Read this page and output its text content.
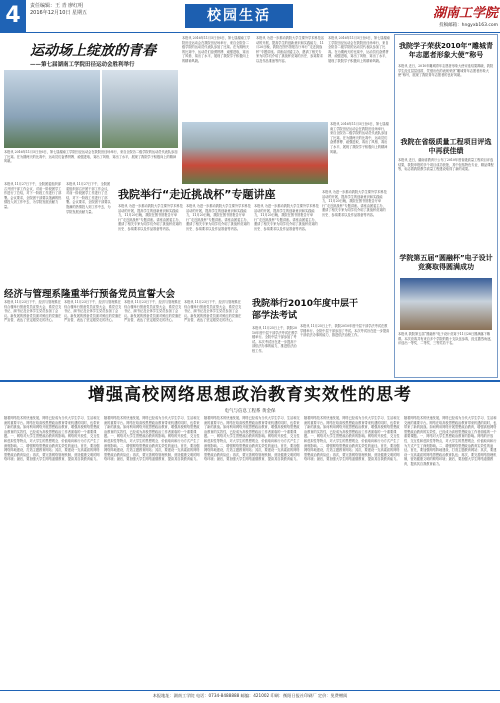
4	责任编辑：王 青 廖红明
2016年12月10日 星期五	校园生活	湖南工学院
投稿邮箱：hngyxb163.com
运动场上绽放的青春
——第七届湖南工学院田径运动会胜利举行
本报讯 2016年11月5日至6日，第七届湖南工学院田径运动会在我院田径场举行，来自全院各二级学院的运动员代表队参加了比赛。在为期两天的比赛中，运动员们奋勇拼搏、顽强进取，赛出了风格、赛出了水平，展现了我院学子积极向上的精神风貌。
本报讯 2016年11月5日至6日，第七届湖南工学院田径运动会在我院田径场举行，来自全院各二级学院的运动员代表队参加了比赛。在为期两天的比赛中，运动员们奋勇拼搏、顽强进取，赛出了风格、赛出了水平，展现了我院学子积极向上的精神风貌。
本报讯 为进一步推动我院大学生课外学术科技活动的开展，提高学生的创新意识和实践能力，11月20日晚，我院在图书馆报告厅举行“走近挑战杯”专题讲座。讲座由团委主办，邀请了相关专家为同学们介绍了挑战杯竞赛的历史、参赛要求以及作品准备等内容。
本报讯 2016年11月5日至6日，第七届湖南工学院田径运动会在我院田径场举行，来自全院各二级学院的运动员代表队参加了比赛。在为期两天的比赛中，运动员们奋勇拼搏、顽强进取，赛出了风格、赛出了水平，展现了我院学子积极向上的精神风貌。
本报讯 2016年11月5日至6日，第七届湖南工学院田径运动会在我院田径场举行，来自全院各二级学院的运动员代表队参加了比赛。在为期两天的比赛中，运动员们奋勇拼搏、顽强进取，赛出了风格、赛出了水平，展现了我院学子积极向上的精神风貌。
本报讯 11月27日下午，全院团委组织部召开团干部工作会议，对前一阶段团学工作进行了总结，对下一阶段工作进行了部署。会议要求，全院团干部要以饱满的热情投入到工作中去，为学院发展贡献力量。
本报讯 11月27日下午，全院团委组织部召开团干部工作会议，对前一阶段团学工作进行了总结，对下一阶段工作进行了部署。会议要求，全院团干部要以饱满的热情投入到工作中去，为学院发展贡献力量。
我院举行“走近挑战杯”专题讲座
本报讯 为进一步推动我院大学生课外学术科技活动的开展，提高学生的创新意识和实践能力，11月20日晚，我院在图书馆报告厅举行“走近挑战杯”专题讲座。讲座由团委主办，邀请了相关专家为同学们介绍了挑战杯竞赛的历史、参赛要求以及作品准备等内容。
本报讯 为进一步推动我院大学生课外学术科技活动的开展，提高学生的创新意识和实践能力，11月20日晚，我院在图书馆报告厅举行“走近挑战杯”专题讲座。讲座由团委主办，邀请了相关专家为同学们介绍了挑战杯竞赛的历史、参赛要求以及作品准备等内容。
本报讯 为进一步推动我院大学生课外学术科技活动的开展，提高学生的创新意识和实践能力，11月20日晚，我院在图书馆报告厅举行“走近挑战杯”专题讲座。讲座由团委主办，邀请了相关专家为同学们介绍了挑战杯竞赛的历史、参赛要求以及作品准备等内容。
本报讯 为进一步推动我院大学生课外学术科技活动的开展，提高学生的创新意识和实践能力，11月20日晚，我院在图书馆报告厅举行“走近挑战杯”专题讲座。讲座由团委主办，邀请了相关专家为同学们介绍了挑战杯竞赛的历史、参赛要求以及作品准备等内容。
经济与管理系隆重举行预备党员宣誓大会
本报讯 11月23日下午，经济与管理系在综合楼举行预备党员宣誓大会，系党总支书记、副书记及全体学生党员参加了会议。新发展的预备党员面对鲜红的党旗庄严宣誓，表达了坚定跟党走的决心。
本报讯 11月23日下午，经济与管理系在综合楼举行预备党员宣誓大会，系党总支书记、副书记及全体学生党员参加了会议。新发展的预备党员面对鲜红的党旗庄严宣誓，表达了坚定跟党走的决心。
本报讯 11月23日下午，经济与管理系在综合楼举行预备党员宣誓大会，系党总支书记、副书记及全体学生党员参加了会议。新发展的预备党员面对鲜红的党旗庄严宣誓，表达了坚定跟党走的决心。
本报讯 11月23日下午，经济与管理系在综合楼举行预备党员宣誓大会，系党总支书记、副书记及全体学生党员参加了会议。新发展的预备党员面对鲜红的党旗庄严宣誓，表达了坚定跟党走的决心。
我院举行2010年度中层干部学法考试
本报讯 11月25日上午，我院2010年度中层干部学法考试在教学楼举行。全院中层干部参加了考试。本次考试旨在进一步提高干部依法办事的能力，推进依法治校工作。
本报讯 11月25日上午，我院2010年度中层干部学法考试在教学楼举行。全院中层干部参加了考试。本次考试旨在进一步提高干部依法办事的能力，推进依法治校工作。
我院学子荣获2010年“雕城青年志愿者形象大使”称号
本报讯 近日，2010年雕城青年志愿者形象大使评选结果揭晓，我院学生经过层层选拔，凭借出色的表现荣获“雕城青年志愿者形象大使”称号，展现了我院青年志愿者的良好风貌。
我院在省级质量工程项目评选中再获佳绩
本报讯 近日，湖南省教育厅公布了2010年度省级质量工程项目评选结果，我院申报的多个项目成功获批，其中包括特色专业、精品课程等，标志着我院教学质量工程建设取得了新的成果。
学院第五届“圆融杯”电子设计竞赛取得圆满成功
本报讯 我院第五届“圆融杯”电子设计竞赛于11月28日圆满落下帷幕。本次竞赛共有来自多个学院的数十支队伍参赛，经过激烈角逐，评选出一等奖、二等奖、三等奖若干名。
增强高校网络思想政治教育实效性的思考
电气与信息工程系 黄金保
随着网络技术的快速发展，网络已经成为当代大学生学习、生活和交流的重要平台。网络在给高校思想政治教育带来机遇的同时，也带来了新的挑战。如何利用网络开展思想政治教育，增强高校网络思想政治教育的实效性，已经成为高校思想政治工作者面临的一个重要课题。一、网络对大学生思想政治教育的影响。网络的开放性、交互性和虚拟性等特点，对大学生的思想观念、价值取向和行为方式产生了深刻影响。二、增强网络思想政治教育实效性的途径。首先，要加强网络阵地建设，打造主题教育网站；其次，要建设一支高素质的网络思想政治教育队伍；再次，要完善网络管理机制，营造健康文明的网络环境；最后，要加强大学生网络道德教育，提高其自我教育能力。
随着网络技术的快速发展，网络已经成为当代大学生学习、生活和交流的重要平台。网络在给高校思想政治教育带来机遇的同时，也带来了新的挑战。如何利用网络开展思想政治教育，增强高校网络思想政治教育的实效性，已经成为高校思想政治工作者面临的一个重要课题。一、网络对大学生思想政治教育的影响。网络的开放性、交互性和虚拟性等特点，对大学生的思想观念、价值取向和行为方式产生了深刻影响。二、增强网络思想政治教育实效性的途径。首先，要加强网络阵地建设，打造主题教育网站；其次，要建设一支高素质的网络思想政治教育队伍；再次，要完善网络管理机制，营造健康文明的网络环境；最后，要加强大学生网络道德教育，提高其自我教育能力。
随着网络技术的快速发展，网络已经成为当代大学生学习、生活和交流的重要平台。网络在给高校思想政治教育带来机遇的同时，也带来了新的挑战。如何利用网络开展思想政治教育，增强高校网络思想政治教育的实效性，已经成为高校思想政治工作者面临的一个重要课题。一、网络对大学生思想政治教育的影响。网络的开放性、交互性和虚拟性等特点，对大学生的思想观念、价值取向和行为方式产生了深刻影响。二、增强网络思想政治教育实效性的途径。首先，要加强网络阵地建设，打造主题教育网站；其次，要建设一支高素质的网络思想政治教育队伍；再次，要完善网络管理机制，营造健康文明的网络环境；最后，要加强大学生网络道德教育，提高其自我教育能力。
随着网络技术的快速发展，网络已经成为当代大学生学习、生活和交流的重要平台。网络在给高校思想政治教育带来机遇的同时，也带来了新的挑战。如何利用网络开展思想政治教育，增强高校网络思想政治教育的实效性，已经成为高校思想政治工作者面临的一个重要课题。一、网络对大学生思想政治教育的影响。网络的开放性、交互性和虚拟性等特点，对大学生的思想观念、价值取向和行为方式产生了深刻影响。二、增强网络思想政治教育实效性的途径。首先，要加强网络阵地建设，打造主题教育网站；其次，要建设一支高素质的网络思想政治教育队伍；再次，要完善网络管理机制，营造健康文明的网络环境；最后，要加强大学生网络道德教育，提高其自我教育能力。
随着网络技术的快速发展，网络已经成为当代大学生学习、生活和交流的重要平台。网络在给高校思想政治教育带来机遇的同时，也带来了新的挑战。如何利用网络开展思想政治教育，增强高校网络思想政治教育的实效性，已经成为高校思想政治工作者面临的一个重要课题。一、网络对大学生思想政治教育的影响。网络的开放性、交互性和虚拟性等特点，对大学生的思想观念、价值取向和行为方式产生了深刻影响。二、增强网络思想政治教育实效性的途径。首先，要加强网络阵地建设，打造主题教育网站；其次，要建设一支高素质的网络思想政治教育队伍；再次，要完善网络管理机制，营造健康文明的网络环境；最后，要加强大学生网络道德教育，提高其自我教育能力。
本报地址：湖南工学院 电话：0734-8488888 邮编：421002 印刷：衡阳日报社印刷厂 定价：免费赠阅
